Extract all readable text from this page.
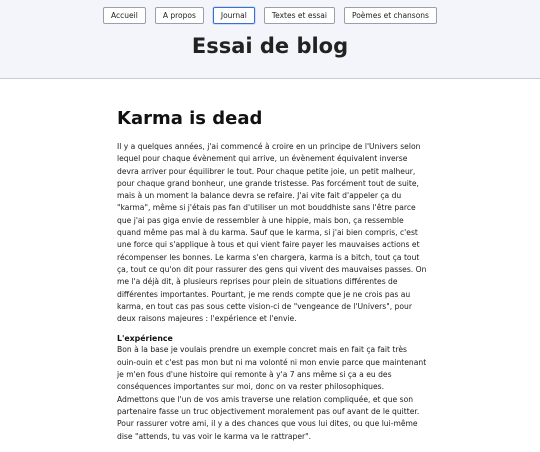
Accueil	A propos	Journal	Textes et essai	Poèmes et chansons
Essai de blog
Karma is dead

Il y a quelques années, j'ai commencé à croire en un principe de l'Univers selon lequel pour chaque évènement qui arrive, un évènement équivalent inverse devra arriver pour équilibrer le tout. Pour chaque petite joie, un petit malheur, pour chaque grand bonheur, une grande tristesse. Pas forcément tout de suite, mais à un moment la balance devra se refaire. J'ai vite fait d'appeler ça du "karma", même si j'étais pas fan d'utiliser un mot bouddhiste sans l'être parce que j'ai pas giga envie de ressembler à une hippie, mais bon, ça ressemble quand même pas mal à du karma. Sauf que le karma, si j'ai bien compris, c'est une force qui s'applique à tous et qui vient faire payer les mauvaises actions et récompenser les bonnes. Le karma s'en chargera, karma is a bitch, tout ça tout ça, tout ce qu'on dit pour rassurer des gens qui vivent des mauvaises passes. On me l'a déjà dit, à plusieurs reprises pour plein de situations différentes de différentes importantes. Pourtant, je me rends compte que je ne crois pas au karma, en tout cas pas sous cette vision-ci de "vengeance de l'Univers", pour deux raisons majeures : l'expérience et l'envie.

L'expérience

Bon à la base je voulais prendre un exemple concret mais en fait ça fait très ouin-ouin et c'est pas mon but ni ma volonté ni mon envie parce que maintenant je m'en fous d'une histoire qui remonte à y'a 7 ans même si ça a eu des conséquences importantes sur moi, donc on va rester philosophiques. Admettons que l'un de vos amis traverse une relation compliquée, et que son partenaire fasse un truc objectivement moralement pas ouf avant de le quitter. Pour rassurer votre ami, il y a des chances que vous lui dites, ou que lui-même dise "attends, tu vas voir le karma va le rattraper".
